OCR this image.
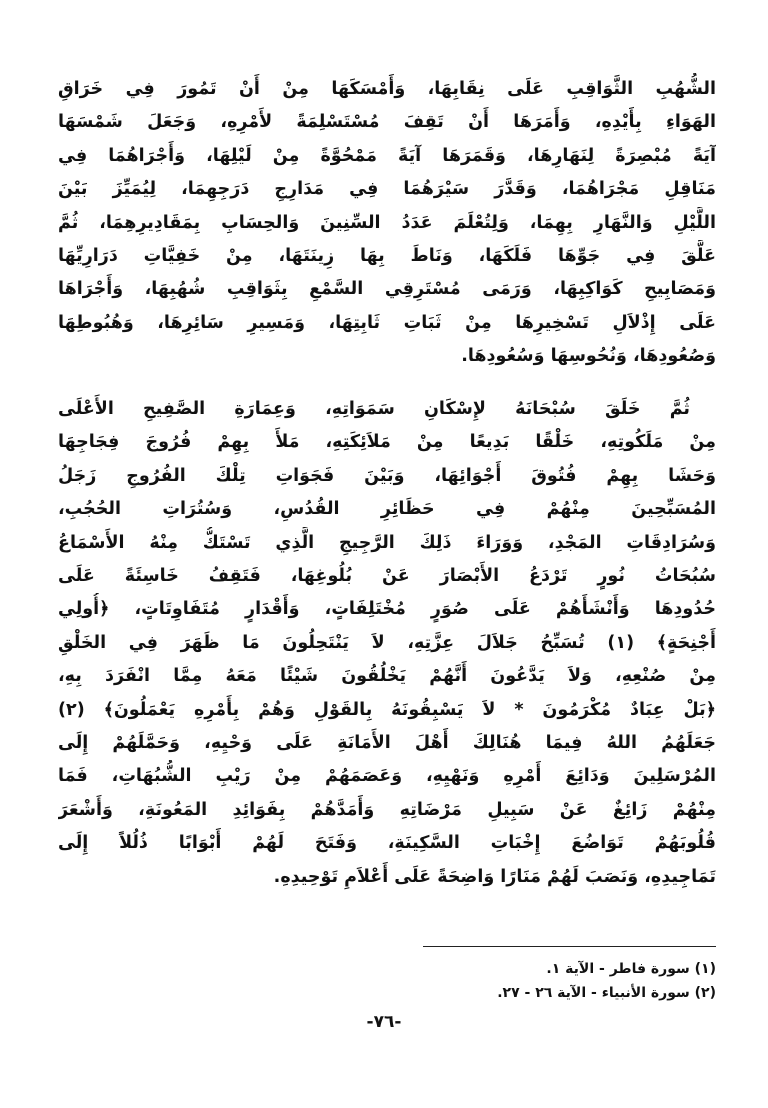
الشُّهُبِ الثَّوَاقِبِ عَلَى نِقَابِهَا، وَأَمْسَكَهَا مِنْ أَنْ تَمُورَ فِي خَرَاقِ
الهَوَاءِ بِأَيْدِهِ، وَأَمَرَهَا أَنْ تَقِفَ مُسْتَسْلِمَةً لأَمْرِهِ، وَجَعَلَ شَمْسَهَا
آيَةً مُبْصِرَةً لِنَهَارِهَا، وَقَمَرَهَا آيَةً مَمْحُوَّةً مِنْ لَيْلِهَا، وَأَجْرَاهُمَا فِي
مَنَاقِلِ مَجْرَاهُمَا، وَقَدَّرَ سَيْرَهُمَا فِي مَدَارِجِ دَرَجِهِمَا، لِيُمَيِّزَ بَيْنَ
اللَّيْلِ وَالنَّهَارِ بِهِمَا، وَلِتُعْلَمَ عَدَدُ السِّنِينَ وَالحِسَابِ بِمَقَادِيرِهِمَا، ثُمَّ
عَلَّقَ فِي جَوِّهَا فَلَكَهَا، وَنَاطَ بِهَا زِينَتَهَا، مِنْ خَفِيَّاتِ دَرَارِيِّهَا
وَمَصَابِيحِ كَوَاكِبِهَا، وَرَمَى مُسْتَرِقِي السَّمْعِ بِثَوَاقِبِ شُهُبِهَا، وَأَجْرَاهَا
عَلَى إِذْلاَلِ تَسْخِيرِهَا مِنْ ثَبَاتِ ثَابِتِهَا، وَمَسِيرِ سَائِرِهَا، وَهُبُوطِهَا
وَصُعُودِهَا، وَنُحُوسِهَا وَسُعُودِهَا.
ثُمَّ خَلَقَ سُبْحَانَهُ لإِسْكَانِ سَمَوَاتِهِ، وَعِمَارَةِ الصَّفِيحِ الأَعْلَى
مِنْ مَلَكُوتِهِ، خَلْقًا بَدِيعًا مِنْ مَلاَئِكَتِهِ، مَلأَ بِهِمْ فُرُوجَ فِجَاجِهَا
وَحَشَا بِهِمْ فُتُوقَ أَجْوَائِهَا، وَبَيْنَ فَجَوَاتِ تِلْكَ الفُرُوجِ زَجَلُ
المُسَبِّحِينَ مِنْهُمْ فِي حَظَائِرِ القُدُسِ، وَسُتُرَاتِ الحُجُبِ،
وَسُرَادِقَاتِ المَجْدِ، وَوَرَاءَ ذَلِكَ الرَّجِيجِ الَّذِي تَسْتَكُّ مِنْهُ الأَسْمَاعُ
سُبُحَاتُ نُورٍ تَرْدَعُ الأَبْصَارَ عَنْ بُلُوغِهَا، فَتَقِفُ خَاسِئَةً عَلَى
حُدُودِهَا وَأَنْشَأَهُمْ عَلَى صُوَرٍ مُخْتَلِفَاتٍ، وَأَقْدَارٍ مُتَفَاوِتَاتٍ، ﴿أُولِي
أَجْنِحَةٍ﴾ (١) تُسَبِّحُ جَلاَلَ عِزَّتِهِ، لاَ يَنْتَحِلُونَ مَا ظَهَرَ فِي الخَلْقِ
مِنْ صُنْعِهِ، وَلاَ يَدَّعُونَ أَنَّهُمْ يَخْلُقُونَ شَيْئًا مَعَهُ مِمَّا انْفَرَدَ بِهِ،
﴿بَلْ عِبَادٌ مُكْرَمُونَ * لاَ يَسْبِقُونَهُ بِالقَوْلِ وَهُمْ بِأَمْرِهِ يَعْمَلُونَ﴾ (٢)
جَعَلَهُمُ اللهُ فِيمَا هُنَالِكَ أَهْلَ الأَمَانَةِ عَلَى وَحْيِهِ، وَحَمَّلَهُمْ إِلَى
المُرْسَلِينَ وَدَائِعَ أَمْرِهِ وَنَهْيِهِ، وَعَصَمَهُمْ مِنْ رَيْبِ الشُّبُهَاتِ، فَمَا
مِنْهُمْ زَائِغٌ عَنْ سَبِيلِ مَرْضَاتِهِ وَأَمَدَّهُمْ بِفَوَائِدِ المَعُونَةِ، وَأَشْعَرَ
قُلُوبَهُمْ تَوَاضُعَ إِخْبَاتِ السَّكِينَةِ، وَفَتَحَ لَهُمْ أَبْوَابًا ذُلُلاً إِلَى
تَمَاجِيدِهِ، وَنَصَبَ لَهُمْ مَنَارًا وَاضِحَةً عَلَى أَعْلاَمِ تَوْحِيدِهِ.
(١) سورة فاطر - الآية ١.
(٢) سورة الأنبياء - الآية ٢٦ - ٢٧.
-٧٦-
